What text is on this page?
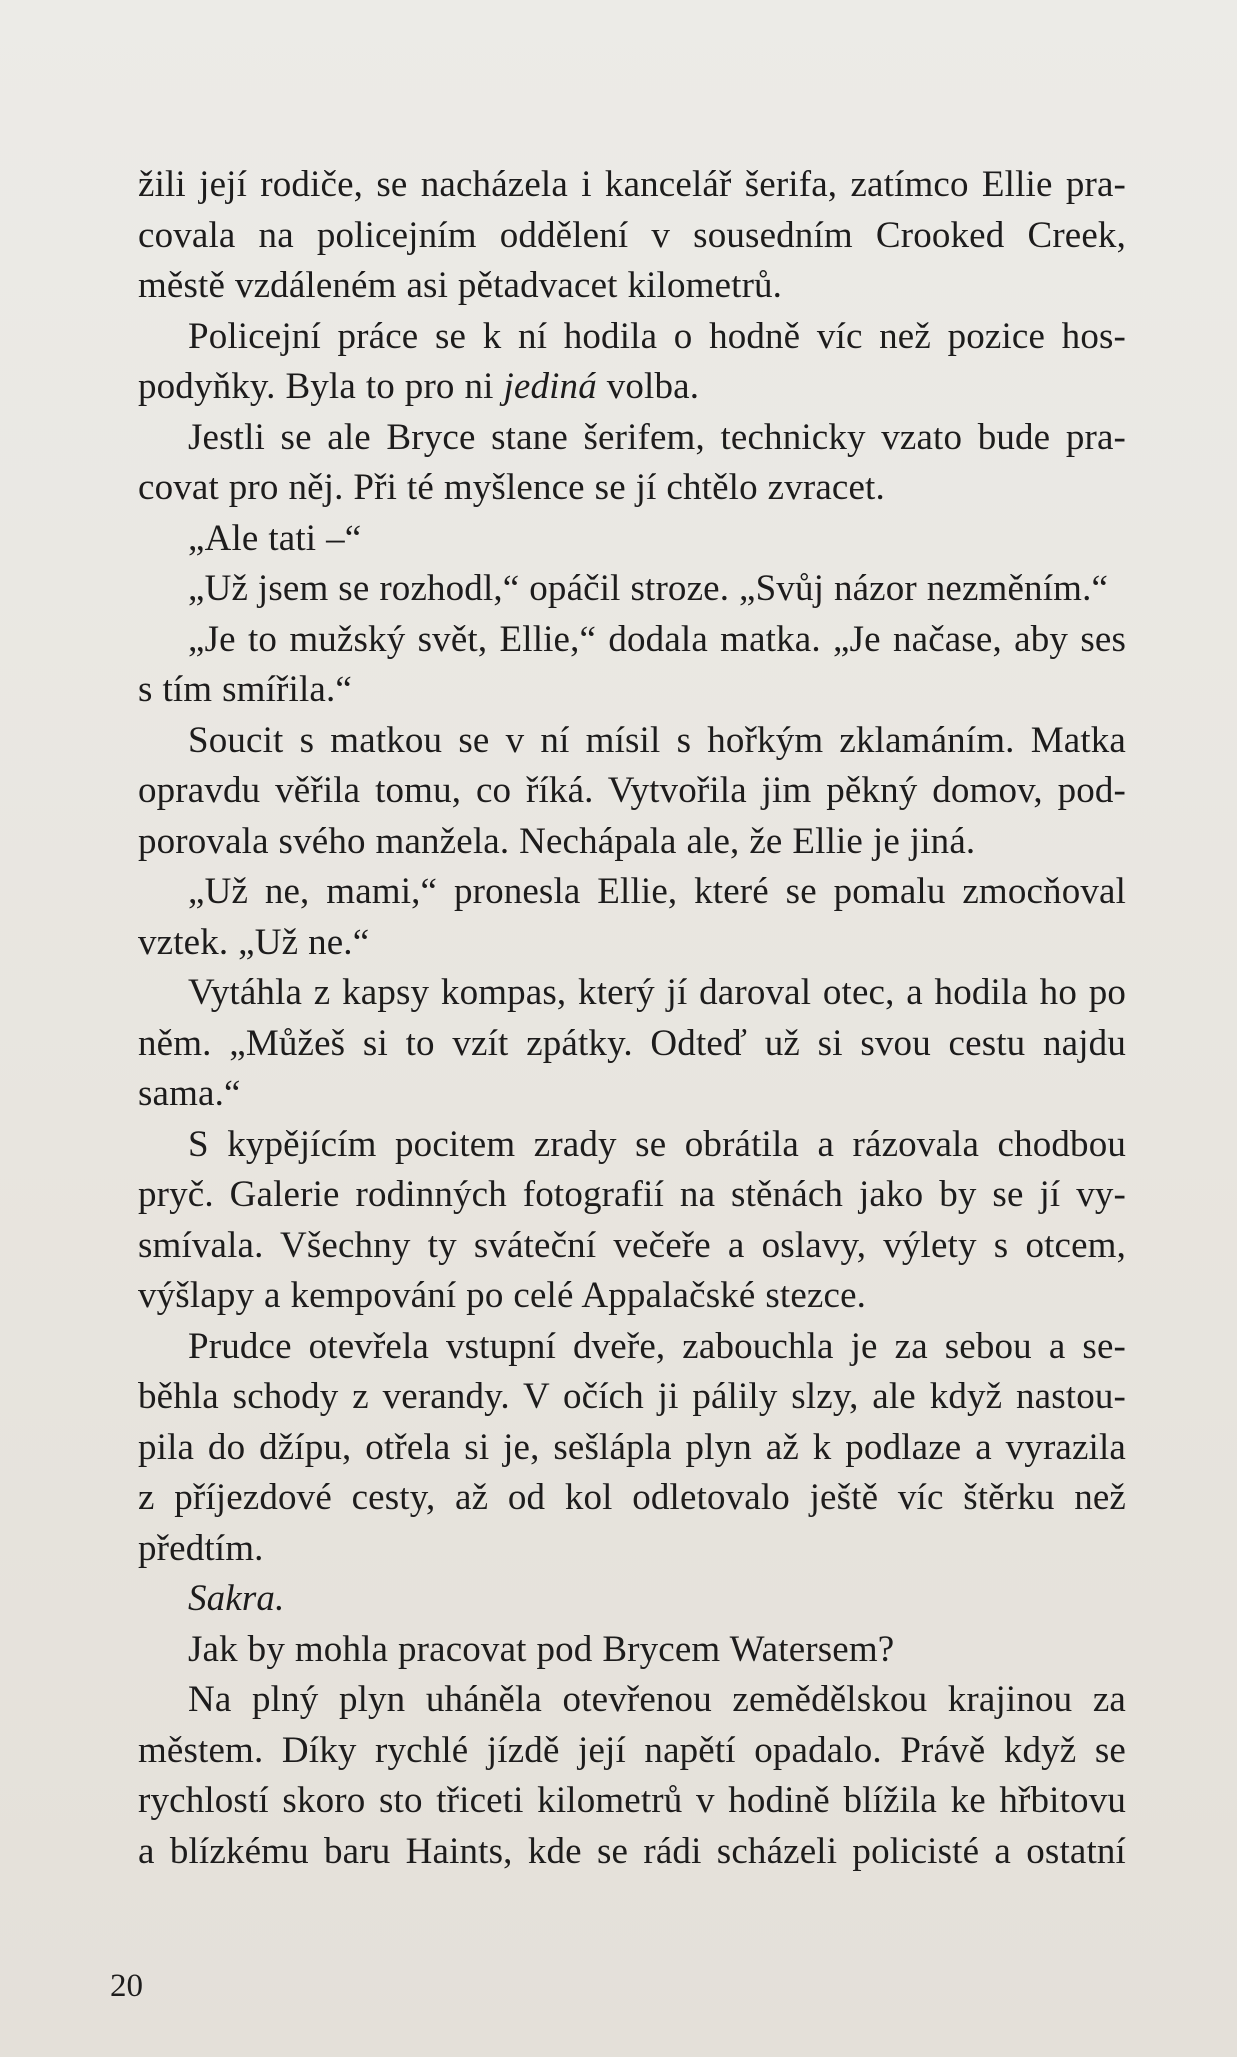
žili její rodiče, se nacházela i kancelář šerifa, zatímco Ellie pra-
covala na policejním oddělení v sousedním Crooked Creek,
městě vzdáleném asi pětadvacet kilometrů.
Policejní práce se k ní hodila o hodně víc než pozice hos-
podyňky. Byla to pro ni jediná volba.
Jestli se ale Bryce stane šerifem, technicky vzato bude pra-
covat pro něj. Při té myšlence se jí chtělo zvracet.
„Ale tati –“
„Už jsem se rozhodl,“ opáčil stroze. „Svůj názor nezměním.“
„Je to mužský svět, Ellie,“ dodala matka. „Je načase, aby ses
s tím smířila.“
Soucit s matkou se v ní mísil s hořkým zklamáním. Matka
opravdu věřila tomu, co říká. Vytvořila jim pěkný domov, pod-
porovala svého manžela. Nechápala ale, že Ellie je jiná.
„Už ne, mami,“ pronesla Ellie, které se pomalu zmocňoval
vztek. „Už ne.“
Vytáhla z kapsy kompas, který jí daroval otec, a hodila ho po
něm. „Můžeš si to vzít zpátky. Odteď už si svou cestu najdu
sama.“
S kypějícím pocitem zrady se obrátila a rázovala chodbou
pryč. Galerie rodinných fotografií na stěnách jako by se jí vy-
smívala. Všechny ty sváteční večeře a oslavy, výlety s otcem,
výšlapy a kempování po celé Appalačské stezce.
Prudce otevřela vstupní dveře, zabouchla je za sebou a se-
běhla schody z verandy. V očích ji pálily slzy, ale když nastou-
pila do džípu, otřela si je, sešlápla plyn až k podlaze a vyrazila
z příjezdové cesty, až od kol odletovalo ještě víc štěrku než
předtím.
Sakra.
Jak by mohla pracovat pod Brycem Watersem?
Na plný plyn uháněla otevřenou zemědělskou krajinou za
městem. Díky rychlé jízdě její napětí opadalo. Právě když se
rychlostí skoro sto třiceti kilometrů v hodině blížila ke hřbitovu
a blízkému baru Haints, kde se rádi scházeli policisté a ostatní
20
